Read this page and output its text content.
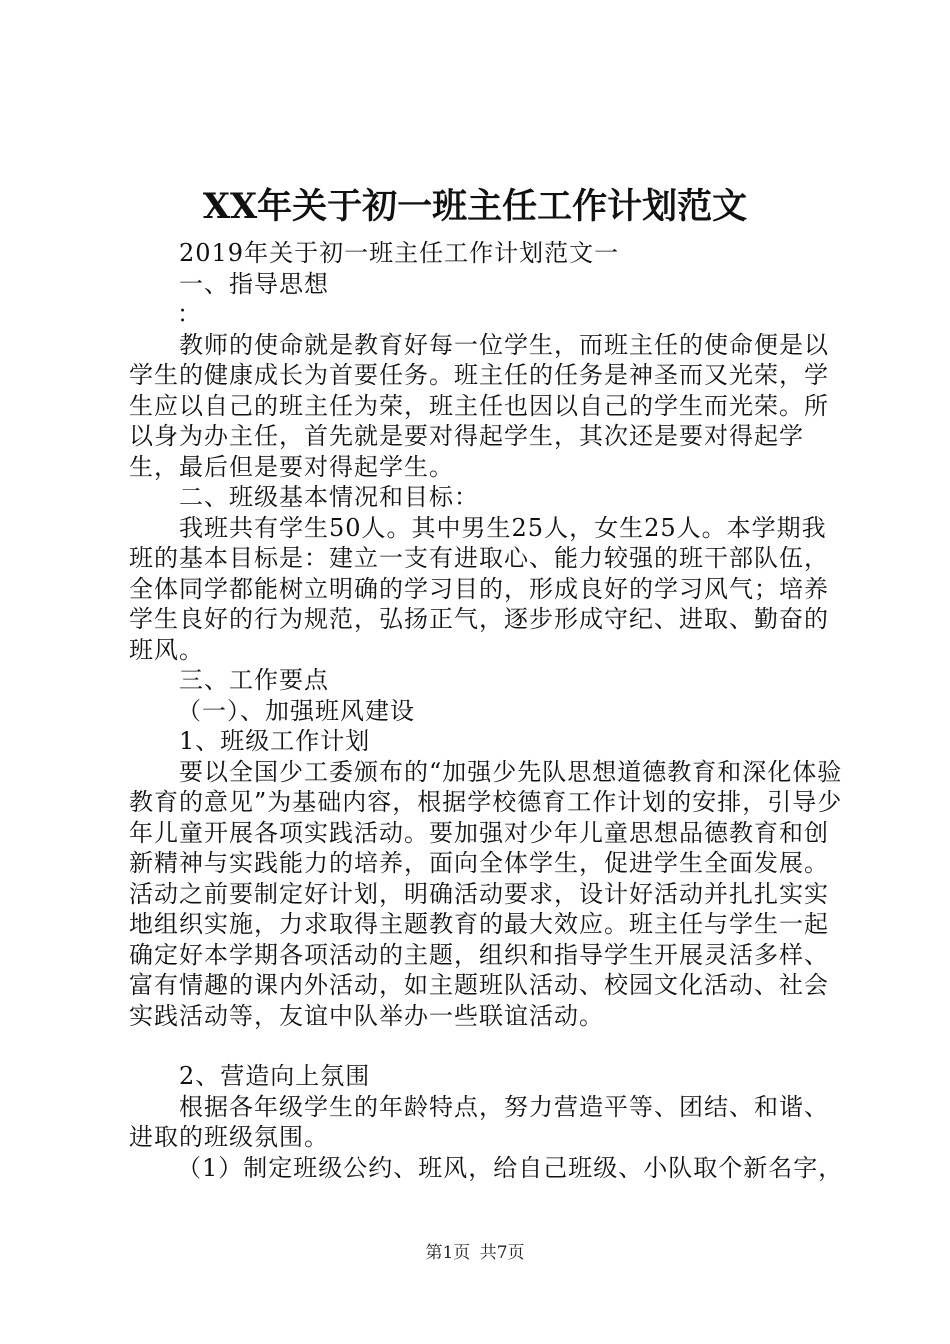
XX年关于初一班主任工作计划范文

2019年关于初一班主任工作计划范文一

一、指导思想

：

教师的使命就是教育好每一位学生，而班主任的使命便是以学生的健康成长为首要任务。班主任的任务是神圣而又光荣，学生应以自己的班主任为荣，班主任也因以自己的学生而光荣。所以身为办主任，首先就是要对得起学生，其次还是要对得起学生，最后但是要对得起学生。

二、班级基本情况和目标：

我班共有学生50人。其中男生25人，女生25人。本学期我班的基本目标是：建立一支有进取心、能力较强的班干部队伍，全体同学都能树立明确的学习目的，形成良好的学习风气；培养学生良好的行为规范，弘扬正气，逐步形成守纪、进取、勤奋的班风。

三、工作要点

（一）、加强班风建设

1、班级工作计划

要以全国少工委颁布的“加强少先队思想道德教育和深化体验教育的意见”为基础内容，根据学校德育工作计划的安排，引导少年儿童开展各项实践活动。要加强对少年儿童思想品德教育和创新精神与实践能力的培养，面向全体学生，促进学生全面发展。活动之前要制定好计划，明确活动要求，设计好活动并扎扎实实地组织实施，力求取得主题教育的最大效应。班主任与学生一起确定好本学期各项活动的主题，组织和指导学生开展灵活多样、富有情趣的课内外活动，如主题班队活动、校园文化活动、社会实践活动等，友谊中队举办一些联谊活动。

2、营造向上氛围

根据各年级学生的年龄特点，努力营造平等、团结、和谐、进取的班级氛围。

（1）制定班级公约、班风，给自己班级、小队取个新名字，

第1页 共7页
